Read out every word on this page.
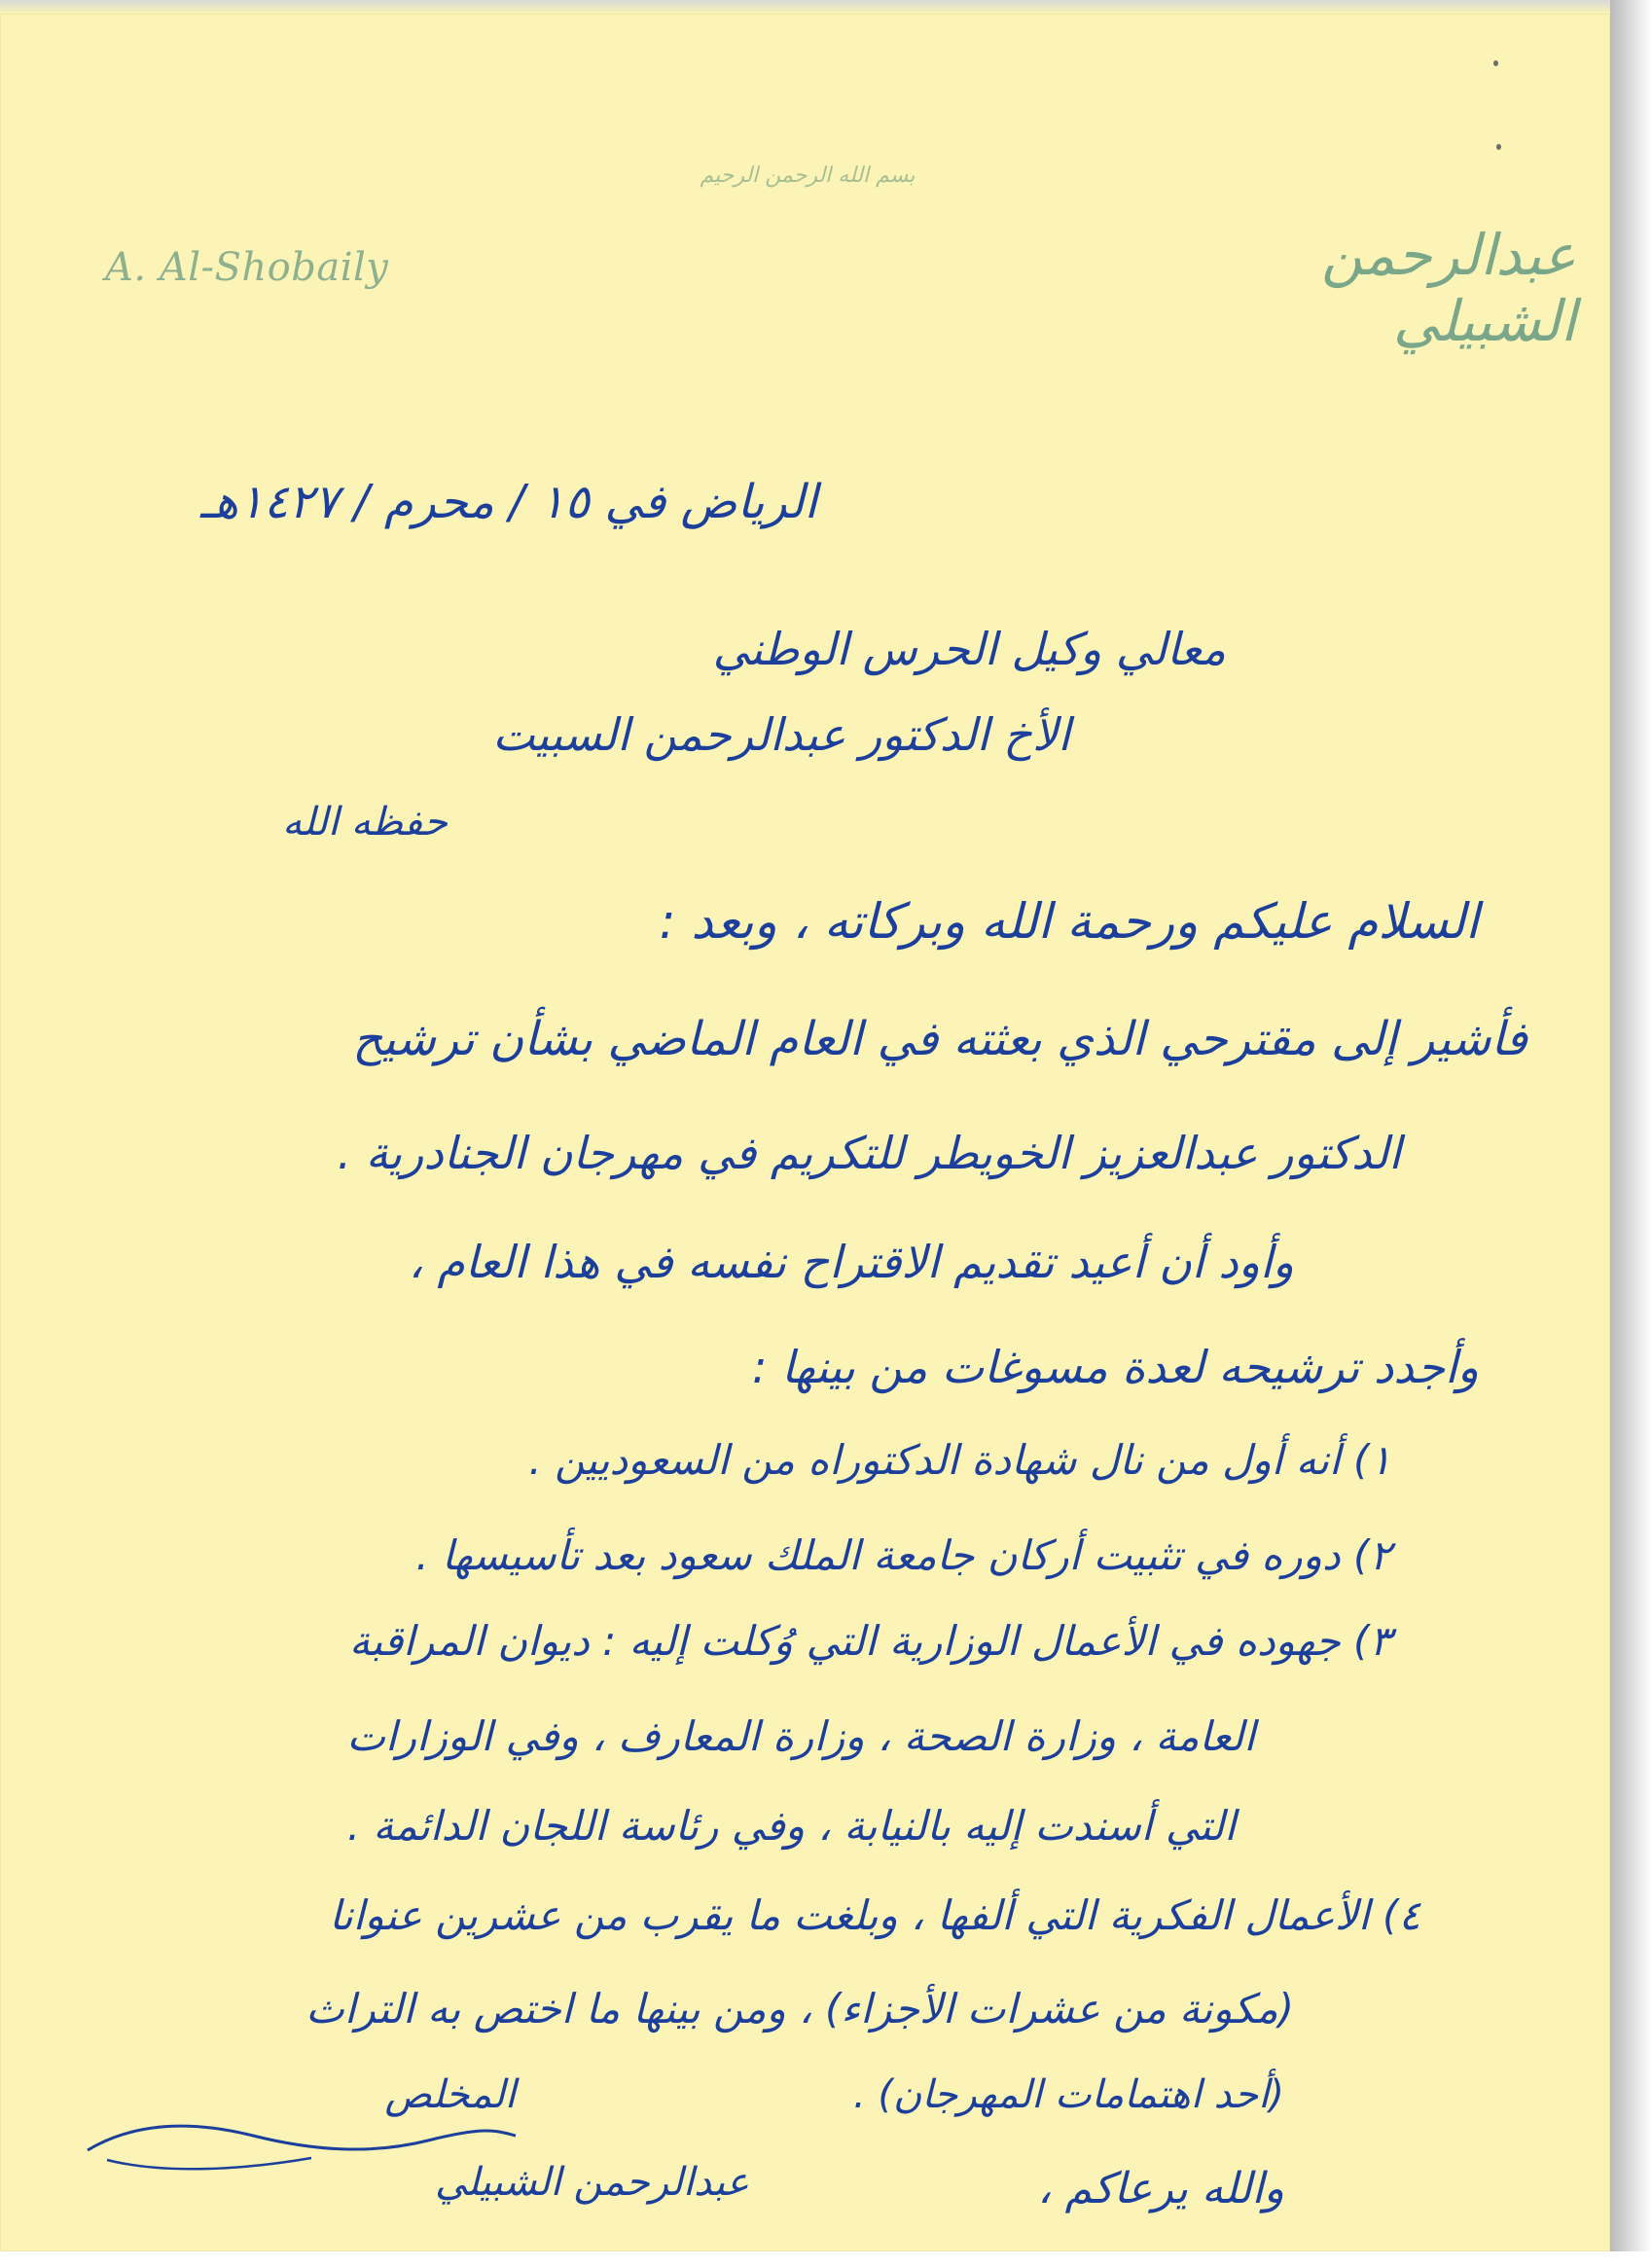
بسم الله الرحمن الرحيم
A. Al-Shobaily	عبدالرحمن الشبيلي
الرياض في ١٥ / محرم / ١٤٢٧هـ
معالي وكيل الحرس الوطني
الأخ الدكتور عبدالرحمن السبيت
حفظه الله
السلام عليكم ورحمة الله وبركاته ، وبعد :
فأشير إلى مقترحي الذي بعثته في العام الماضي بشأن ترشيح
الدكتور عبدالعزيز الخويطر للتكريم في مهرجان الجنادرية .
وأود أن أعيد تقديم الاقتراح نفسه في هذا العام ،
وأجدد ترشيحه لعدة مسوغات من بينها :
١) أنه أول من نال شهادة الدكتوراه من السعوديين .
٢) دوره في تثبيت أركان جامعة الملك سعود بعد تأسيسها .
٣) جهوده في الأعمال الوزارية التي وُكلت إليه : ديوان المراقبة
العامة ، وزارة الصحة ، وزارة المعارف ، وفي الوزارات
التي أسندت إليه بالنيابة ، وفي رئاسة اللجان الدائمة .
٤) الأعمال الفكرية التي ألفها ، وبلغت ما يقرب من عشرين عنوانا
(مكونة من عشرات الأجزاء) ، ومن بينها ما اختص به التراث
(أحد اهتمامات المهرجان) .
والله يرعاكم ،
المخلص
عبدالرحمن الشبيلي
